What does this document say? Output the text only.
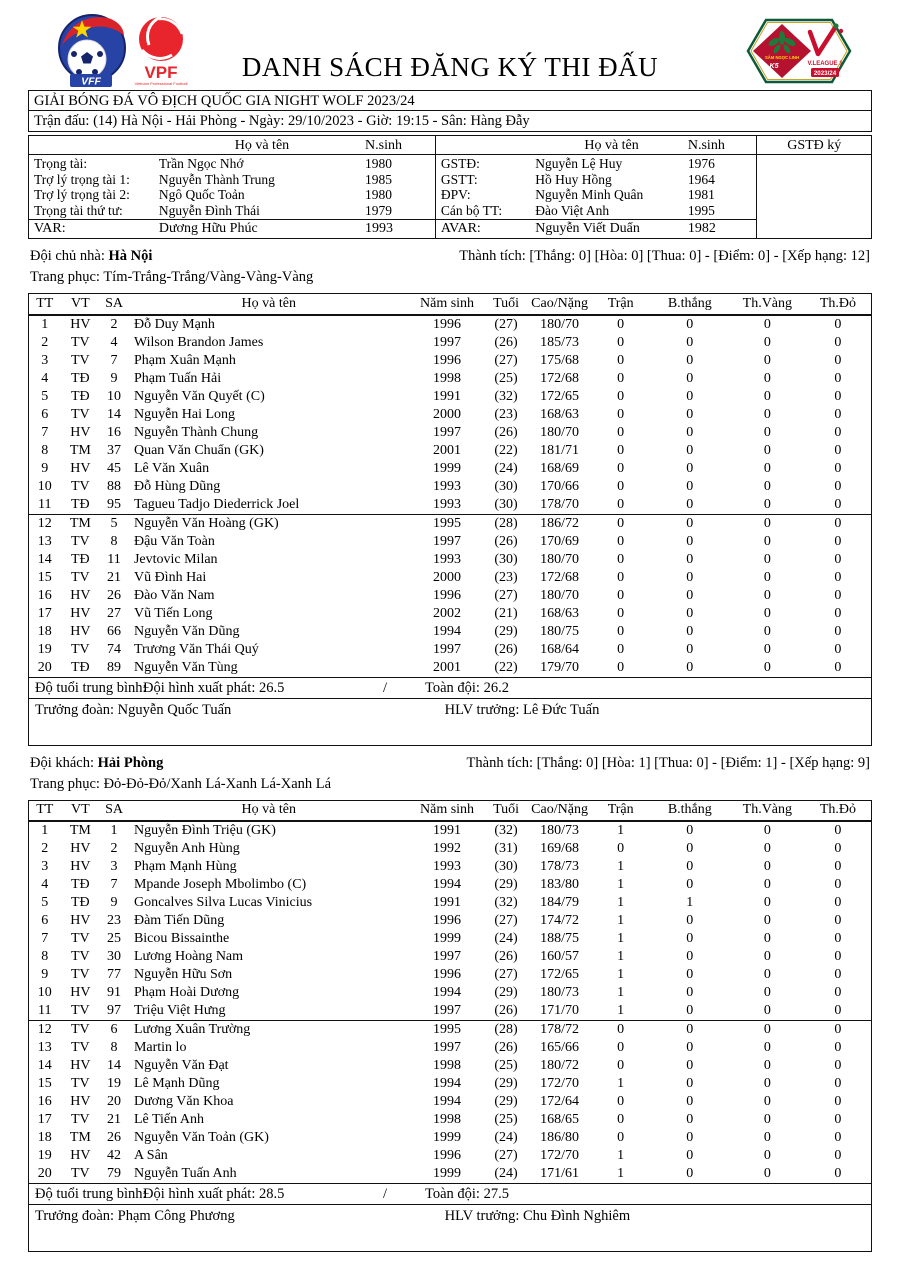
VFF	VPF
Vietnam Professional Football
DANH SÁCH ĐĂNG KÝ THI ĐẤU	SÂM NGỌC LINH
K5	V.LEAGUE 1
2023/24
GIẢI BÓNG ĐÁ VÔ ĐỊCH QUỐC GIA NIGHT WOLF 2023/24
Trận đấu: (14) Hà Nội - Hải Phòng - Ngày: 29/10/2023 - Giờ: 19:15 - Sân: Hàng Đẫy
Họ và tên	N.sinh
Trọng tài:	Trần Ngọc Nhớ	1980
Trợ lý trọng tài 1:	Nguyễn Thành Trung	1985
Trợ lý trọng tài 2:	Ngô Quốc Toản	1980
Trọng tài thứ tư:	Nguyễn Đình Thái	1979
VAR:	Dương Hữu Phúc	1993
Họ và tên	N.sinh
GSTĐ:	Nguyễn Lệ Huy	1976
GSTT:	Hồ Huy Hồng	1964
ĐPV:	Nguyễn Minh Quân	1981
Cán bộ TT:	Đào Việt Anh	1995
AVAR:	Nguyễn Viết Duẩn	1982
GSTĐ ký
Đội chủ nhà: Hà Nội	Thành tích: [Thắng: 0] [Hòa: 0] [Thua: 0] - [Điểm: 0] - [Xếp hạng: 12]
Trang phục: Tím-Trắng-Trắng/Vàng-Vàng-Vàng
TT	VT	SA	Họ và tên	Năm sinh	Tuổi	Cao/Nặng	Trận	B.thắng	Th.Vàng	Th.Đỏ
1	HV	2	Đỗ Duy Mạnh	1996	(27)	180/70	0	0	0	0
2	TV	4	Wilson Brandon James	1997	(26)	185/73	0	0	0	0
3	TV	7	Phạm Xuân Mạnh	1996	(27)	175/68	0	0	0	0
4	TĐ	9	Phạm Tuấn Hải	1998	(25)	172/68	0	0	0	0
5	TĐ	10	Nguyễn Văn Quyết (C)	1991	(32)	172/65	0	0	0	0
6	TV	14	Nguyễn Hai Long	2000	(23)	168/63	0	0	0	0
7	HV	16	Nguyễn Thành Chung	1997	(26)	180/70	0	0	0	0
8	TM	37	Quan Văn Chuẩn (GK)	2001	(22)	181/71	0	0	0	0
9	HV	45	Lê Văn Xuân	1999	(24)	168/69	0	0	0	0
10	TV	88	Đỗ Hùng Dũng	1993	(30)	170/66	0	0	0	0
11	TĐ	95	Tagueu Tadjo Diederrick Joel	1993	(30)	178/70	0	0	0	0
12	TM	5	Nguyễn Văn Hoàng (GK)	1995	(28)	186/72	0	0	0	0
13	TV	8	Đậu Văn Toàn	1997	(26)	170/69	0	0	0	0
14	TĐ	11	Jevtovic Milan	1993	(30)	180/70	0	0	0	0
15	TV	21	Vũ Đình Hai	2000	(23)	172/68	0	0	0	0
16	HV	26	Đào Văn Nam	1996	(27)	180/70	0	0	0	0
17	HV	27	Vũ Tiến Long	2002	(21)	168/63	0	0	0	0
18	HV	66	Nguyễn Văn Dũng	1994	(29)	180/75	0	0	0	0
19	TV	74	Trương Văn Thái Quý	1997	(26)	168/64	0	0	0	0
20	TĐ	89	Nguyễn Văn Tùng	2001	(22)	179/70	0	0	0	0

Độ tuổi trung bình:
Đội hình xuất phát: 26.5 / Toàn đội: 26.2										

Trưởng đoàn: Nguyễn Quốc Tuấn HLV trưởng: Lê Đức Tuấn										
Đội khách: Hải Phòng	Thành tích: [Thắng: 0] [Hòa: 1] [Thua: 0] - [Điểm: 1] - [Xếp hạng: 9]
Trang phục: Đỏ-Đỏ-Đỏ/Xanh Lá-Xanh Lá-Xanh Lá
TT	VT	SA	Họ và tên	Năm sinh	Tuổi	Cao/Nặng	Trận	B.thắng	Th.Vàng	Th.Đỏ
1	TM	1	Nguyễn Đình Triệu (GK)	1991	(32)	180/73	1	0	0	0
2	HV	2	Nguyễn Anh Hùng	1992	(31)	169/68	0	0	0	0
3	HV	3	Phạm Mạnh Hùng	1993	(30)	178/73	1	0	0	0
4	TĐ	7	Mpande Joseph Mbolimbo (C)	1994	(29)	183/80	1	0	0	0
5	TĐ	9	Goncalves Silva Lucas Vinicius	1991	(32)	184/79	1	1	0	0
6	HV	23	Đàm Tiến Dũng	1996	(27)	174/72	1	0	0	0
7	TV	25	Bicou Bissainthe	1999	(24)	188/75	1	0	0	0
8	TV	30	Lương Hoàng Nam	1997	(26)	160/57	1	0	0	0
9	TV	77	Nguyễn Hữu Sơn	1996	(27)	172/65	1	0	0	0
10	HV	91	Phạm Hoài Dương	1994	(29)	180/73	1	0	0	0
11	TV	97	Triệu Việt Hưng	1997	(26)	171/70	1	0	0	0
12	TV	6	Lương Xuân Trường	1995	(28)	178/72	0	0	0	0
13	TV	8	Martin lo	1997	(26)	165/66	0	0	0	0
14	HV	14	Nguyễn Văn Đạt	1998	(25)	180/72	0	0	0	0
15	TV	19	Lê Mạnh Dũng	1994	(29)	172/70	1	0	0	0
16	HV	20	Dương Văn Khoa	1994	(29)	172/64	0	0	0	0
17	TV	21	Lê Tiến Anh	1998	(25)	168/65	0	0	0	0
18	TM	26	Nguyễn Văn Toản (GK)	1999	(24)	186/80	0	0	0	0
19	HV	42	A Sân	1996	(27)	172/70	1	0	0	0
20	TV	79	Nguyễn Tuấn Anh	1999	(24)	171/61	1	0	0	0

Độ tuổi trung bình:
Đội hình xuất phát: 28.5 / Toàn đội: 27.5										

Trưởng đoàn: Phạm Công Phương HLV trưởng: Chu Đình Nghiêm										
